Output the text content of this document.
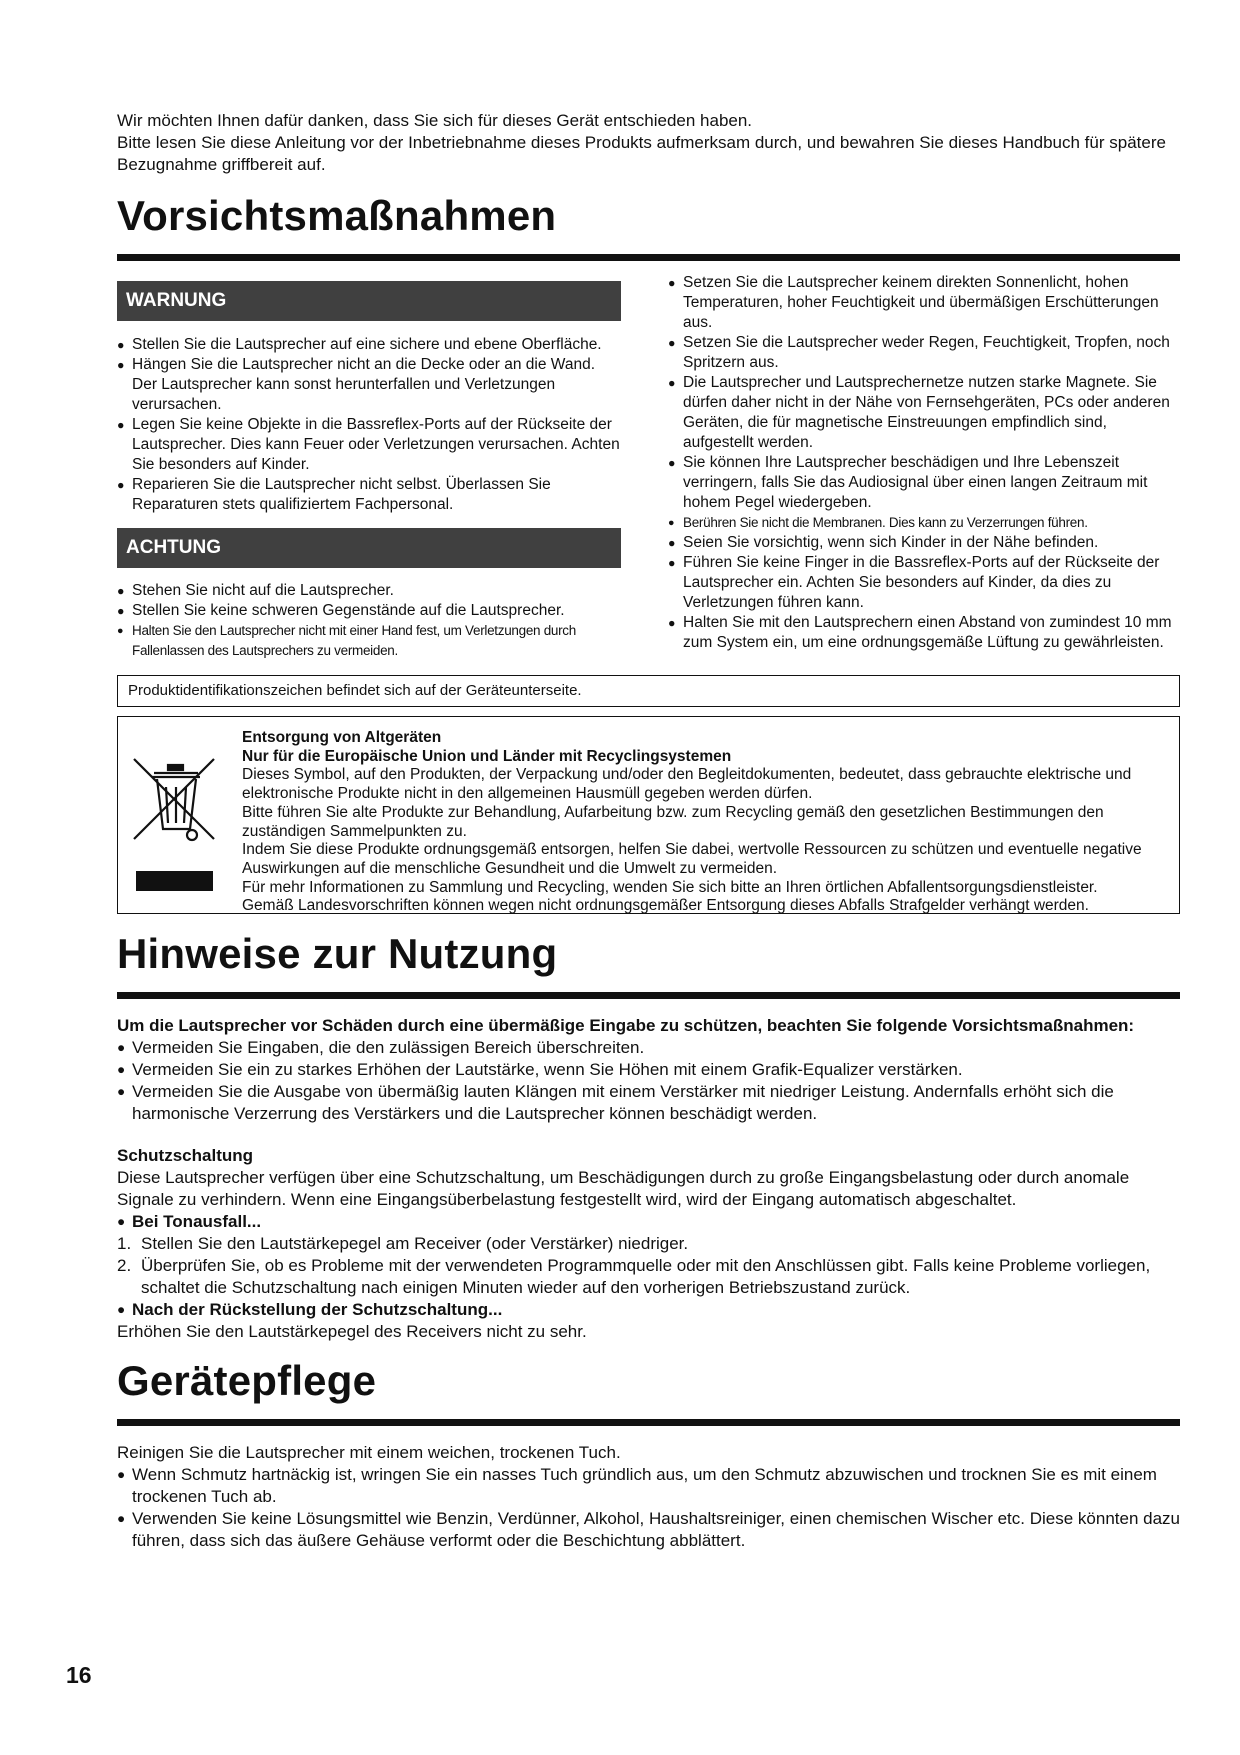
Wir möchten Ihnen dafür danken, dass Sie sich für dieses Gerät entschieden haben.

Bitte lesen Sie diese Anleitung vor der Inbetriebnahme dieses Produkts aufmerksam durch, und bewahren Sie dieses Handbuch für spätere Bezugnahme griffbereit auf.

Vorsichtsmaßnahmen
WARNUNG
● Stellen Sie die Lautsprecher auf eine sichere und ebene Oberfläche.
● Hängen Sie die Lautsprecher nicht an die Decke oder an die Wand. Der Lautsprecher kann sonst herunterfallen und Verletzungen verursachen.
● Legen Sie keine Objekte in die Bassreflex-Ports auf der Rückseite der Lautsprecher. Dies kann Feuer oder Verletzungen verursachen. Achten Sie besonders auf Kinder.
● Reparieren Sie die Lautsprecher nicht selbst. Überlassen Sie Reparaturen stets qualifiziertem Fachpersonal.
ACHTUNG
● Stehen Sie nicht auf die Lautsprecher.
● Stellen Sie keine schweren Gegenstände auf die Lautsprecher.
● Halten Sie den Lautsprecher nicht mit einer Hand fest, um Verletzungen durch Fallenlassen des Lautsprechers zu vermeiden.
● Setzen Sie die Lautsprecher keinem direkten Sonnenlicht, hohen Temperaturen, hoher Feuchtigkeit und übermäßigen Erschütterungen aus.
● Setzen Sie die Lautsprecher weder Regen, Feuchtigkeit, Tropfen, noch Spritzern aus.
● Die Lautsprecher und Lautsprechernetze nutzen starke Magnete. Sie dürfen daher nicht in der Nähe von Fernsehgeräten, PCs oder anderen Geräten, die für magnetische Einstreuungen empfindlich sind, aufgestellt werden.
● Sie können Ihre Lautsprecher beschädigen und Ihre Lebenszeit verringern, falls Sie das Audiosignal über einen langen Zeitraum mit hohem Pegel wiedergeben.
● Berühren Sie nicht die Membranen. Dies kann zu Verzerrungen führen.
● Seien Sie vorsichtig, wenn sich Kinder in der Nähe befinden.
● Führen Sie keine Finger in die Bassreflex-Ports auf der Rückseite der Lautsprecher ein. Achten Sie besonders auf Kinder, da dies zu Verletzungen führen kann.
● Halten Sie mit den Lautsprechern einen Abstand von zumindest 10 mm zum System ein, um eine ordnungsgemäße Lüftung zu gewährleisten.
Produktidentifikationszeichen befindet sich auf der Geräteunterseite.

Entsorgung von Altgeräten

Nur für die Europäische Union und Länder mit Recyclingsystemen

Dieses Symbol, auf den Produkten, der Verpackung und/oder den Begleitdokumenten, bedeutet, dass gebrauchte elektrische und elektronische Produkte nicht in den allgemeinen Hausmüll gegeben werden dürfen.

Bitte führen Sie alte Produkte zur Behandlung, Aufarbeitung bzw. zum Recycling gemäß den gesetzlichen Bestimmungen den zuständigen Sammelpunkten zu.

Indem Sie diese Produkte ordnungsgemäß entsorgen, helfen Sie dabei, wertvolle Ressourcen zu schützen und eventuelle negative Auswirkungen auf die menschliche Gesundheit und die Umwelt zu vermeiden.

Für mehr Informationen zu Sammlung und Recycling, wenden Sie sich bitte an Ihren örtlichen Abfallentsorgungsdienstleister.

Gemäß Landesvorschriften können wegen nicht ordnungsgemäßer Entsorgung dieses Abfalls Strafgelder verhängt werden.

Hinweise zur Nutzung

Um die Lautsprecher vor Schäden durch eine übermäßige Eingabe zu schützen, beachten Sie folgende Vorsichtsmaßnahmen:

● Vermeiden Sie Eingaben, die den zulässigen Bereich überschreiten.
● Vermeiden Sie ein zu starkes Erhöhen der Lautstärke, wenn Sie Höhen mit einem Grafik-Equalizer verstärken.
● Vermeiden Sie die Ausgabe von übermäßig lauten Klängen mit einem Verstärker mit niedriger Leistung. Andernfalls erhöht sich die harmonische Verzerrung des Verstärkers und die Lautsprecher können beschädigt werden.

Schutzschaltung

Diese Lautsprecher verfügen über eine Schutzschaltung, um Beschädigungen durch zu große Eingangsbelastung oder durch anomale Signale zu verhindern. Wenn eine Eingangsüberbelastung festgestellt wird, wird der Eingang automatisch abgeschaltet.

● Bei Tonausfall...
1. Stellen Sie den Lautstärkepegel am Receiver (oder Verstärker) niedriger.
2. Überprüfen Sie, ob es Probleme mit der verwendeten Programmquelle oder mit den Anschlüssen gibt. Falls keine Probleme vorliegen, schaltet die Schutzschaltung nach einigen Minuten wieder auf den vorherigen Betriebszustand zurück.
● Nach der Rückstellung der Schutzschaltung...

Erhöhen Sie den Lautstärkepegel des Receivers nicht zu sehr.

Gerätepflege

Reinigen Sie die Lautsprecher mit einem weichen, trockenen Tuch.

● Wenn Schmutz hartnäckig ist, wringen Sie ein nasses Tuch gründlich aus, um den Schmutz abzuwischen und trocknen Sie es mit einem trockenen Tuch ab.
● Verwenden Sie keine Lösungsmittel wie Benzin, Verdünner, Alkohol, Haushaltsreiniger, einen chemischen Wischer etc. Diese könnten dazu führen, dass sich das äußere Gehäuse verformt oder die Beschichtung abblättert.
16
